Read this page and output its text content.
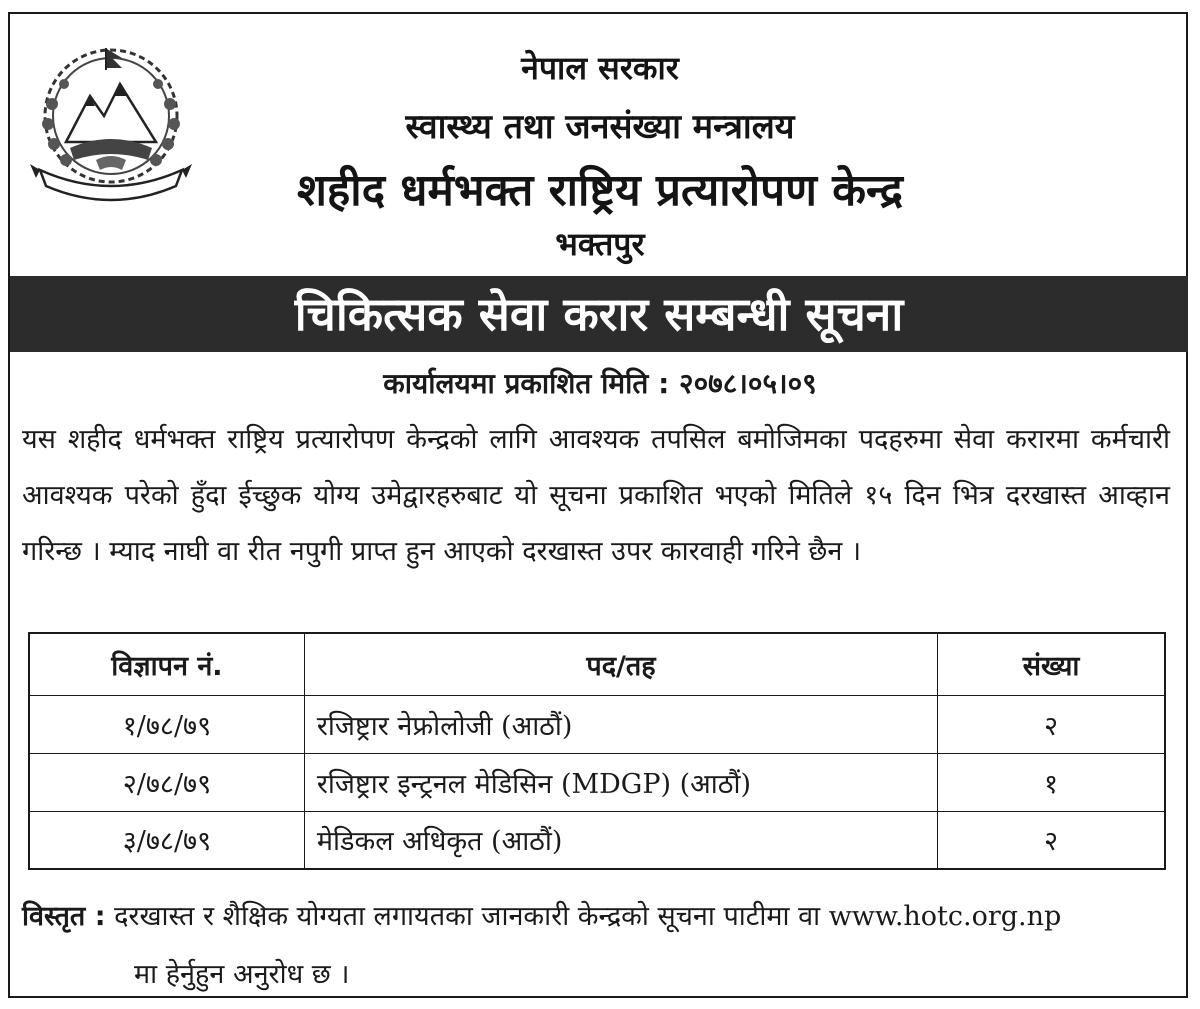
नेपाल सरकार
स्वास्थ्य तथा जनसंख्या मन्त्रालय
शहीद धर्मभक्त राष्ट्रिय प्रत्यारोपण केन्द्र
भक्तपुर
चिकित्सक सेवा करार सम्बन्धी सूचना
कार्यालयमा प्रकाशित मिति : २०७८।०५।०९
यस शहीद धर्मभक्त राष्ट्रिय प्रत्यारोपण केन्द्रको लागि आवश्यक तपसिल बमोजिमका पदहरुमा सेवा करारमा कर्मचारी आवश्यक परेको हुँदा ईच्छुक योग्य उमेद्वारहरुबाट यो सूचना प्रकाशित भएको मितिले १५ दिन भित्र दरखास्त आव्हान गरिन्छ । म्याद नाघी वा रीत नपुगी प्राप्त हुन आएको दरखास्त उपर कारवाही गरिने छैन ।
विज्ञापन नं.	पद/तह	संख्या
१/७८/७९	रजिष्ट्रार नेफ्रोलोजी (आठौं)	२
२/७८/७९	रजिष्ट्रार इन्ट्रनल मेडिसिन (MDGP) (आठौं)	१
३/७८/७९	मेडिकल अधिकृत (आठौं)	२
विस्तृत : दरखास्त र शैक्षिक योग्यता लगायतका जानकारी केन्द्रको सूचना पाटीमा वा www.hotc.org.np
मा हेर्नुहुन अनुरोध छ ।
